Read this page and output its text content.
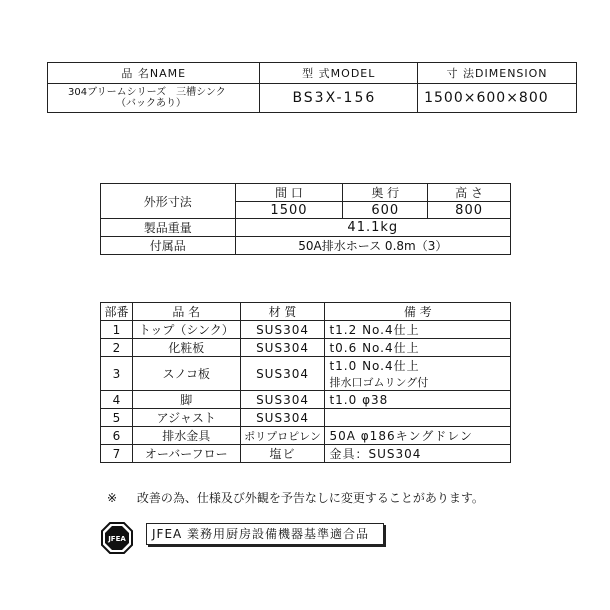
品 名NAME	型 式MODEL	寸 法DIMENSION

304ブリームシリーズ　三槽シンク
（バックあり）	BS3X-156	1500×600×800
外形寸法	間 口	奥 行	高 さ
	1500	600	800
製品重量	41.1kg		
付属品	50A排水ホース 0.8m（3）		
部番	品 名	材 質	備 考
1	トップ（シンク）	SUS304	t1.2 No.4仕上
2	化粧板	SUS304	t0.6 No.4仕上
3	スノコ板	SUS304	t1.0 No.4仕上
排水口ゴムリング付

4	脚	SUS304	t1.0 φ38
5	アジャスト	SUS304	
6	排水金具	ポリプロピレン	50A φ186キングドレン
7	オーバーフロー	塩ビ	金具：SUS304
※ 改善の為、仕様及び外観を予告なしに変更することがあります。
JFEA	JFEA 業務用厨房設備機器基準適合品
